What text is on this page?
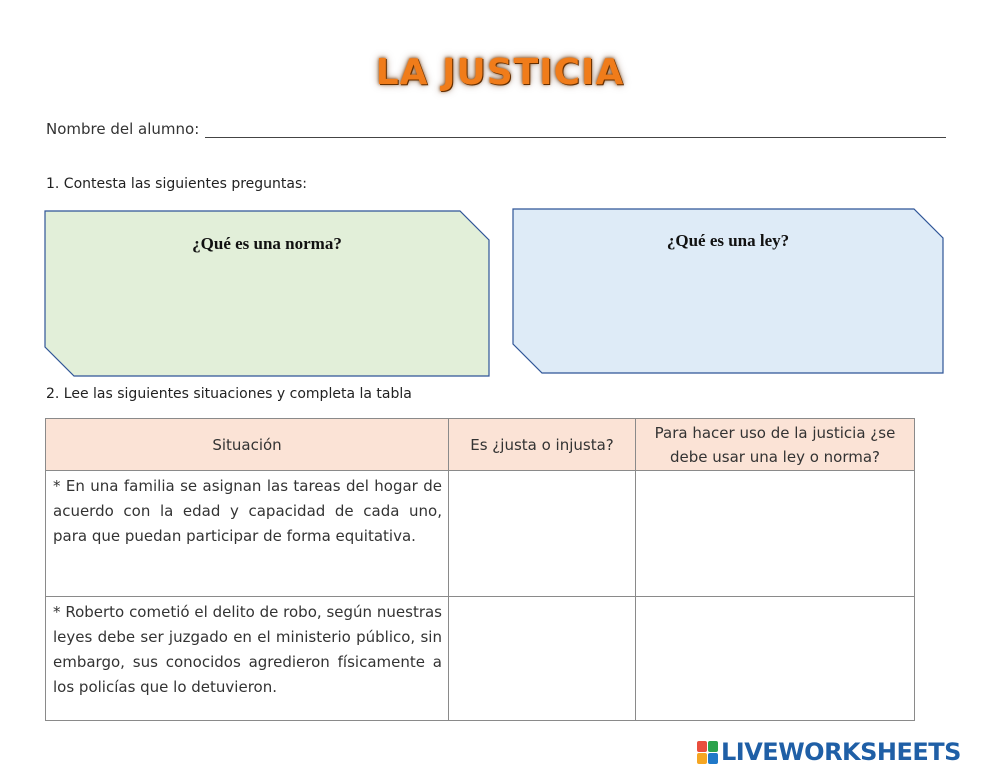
LA JUSTICIA
Nombre del alumno:
1. Contesta las siguientes preguntas:
¿Qué es una norma?	¿Qué es una ley?
2. Lee las siguientes situaciones y completa la tabla
Situación	Es ¿justa o injusta?	Para hacer uso de la justicia ¿se debe usar una ley o norma?
* En una familia se asignan las tareas del hogar de acuerdo con la edad y capacidad de cada uno, para que puedan participar de forma equitativa.		
* Roberto cometió el delito de robo, según nuestras leyes debe ser juzgado en el ministerio público, sin embargo, sus conocidos agredieron físicamente a los policías que lo detuvieron.		
LIVEWORKSHEETS
